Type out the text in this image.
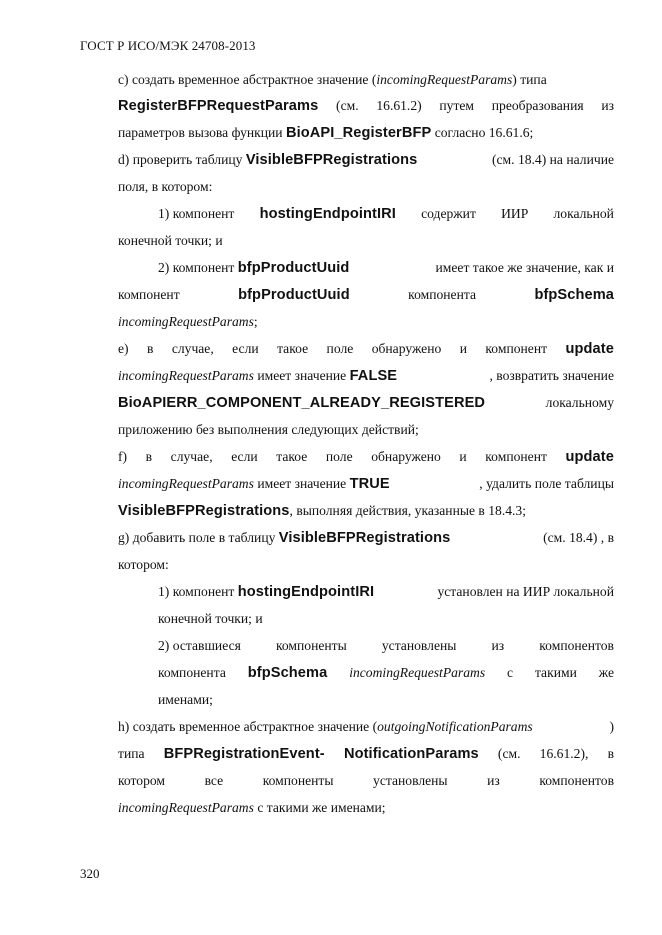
ГОСТ Р ИСО/МЭК 24708-2013
c) создать временное абстрактное значение (incomingRequestParams) типа
RegisterBFPRequestParams (см. 16.61.2) путем преобразования из
параметров вызова функции BioAPI_RegisterBFP согласно 16.61.6;
d) проверить таблицу VisibleBFPRegistrations	(см. 18.4) на наличие
поля, в котором:
1) компонент hostingEndpointIRI содержит ИИР локальной
конечной точки; и
2) компонент bfpProductUuid	имеет такое же значение, как и
компонент	bfpProductUuid	компонента	bfpSchema
incomingRequestParams;
e) в случае, если такое поле обнаружено и компонент update
incomingRequestParams имеет значение FALSE	, возвратить значение
BioAPIERR_COMPONENT_ALREADY_REGISTERED	локальному
приложению без выполнения следующих действий;
f) в случае, если такое поле обнаружено и компонент update
incomingRequestParams имеет значение TRUE	, удалить поле таблицы
VisibleBFPRegistrations, выполняя действия, указанные в 18.4.3;
g) добавить поле в таблицу VisibleBFPRegistrations	(см. 18.4) , в
котором:
1) компонент hostingEndpointIRI	установлен на ИИР локальной
конечной точки; и
2) оставшиеся	компоненты	установлены	из	компонентов
компонента bfpSchema incomingRequestParams с такими же
именами;
h) создать временное абстрактное значение (outgoingNotificationParams	)
типа BFPRegistrationEvent- NotificationParams (см. 16.61.2), в
котором	все	компоненты	установлены	из	компонентов
incomingRequestParams с такими же именами;
320
